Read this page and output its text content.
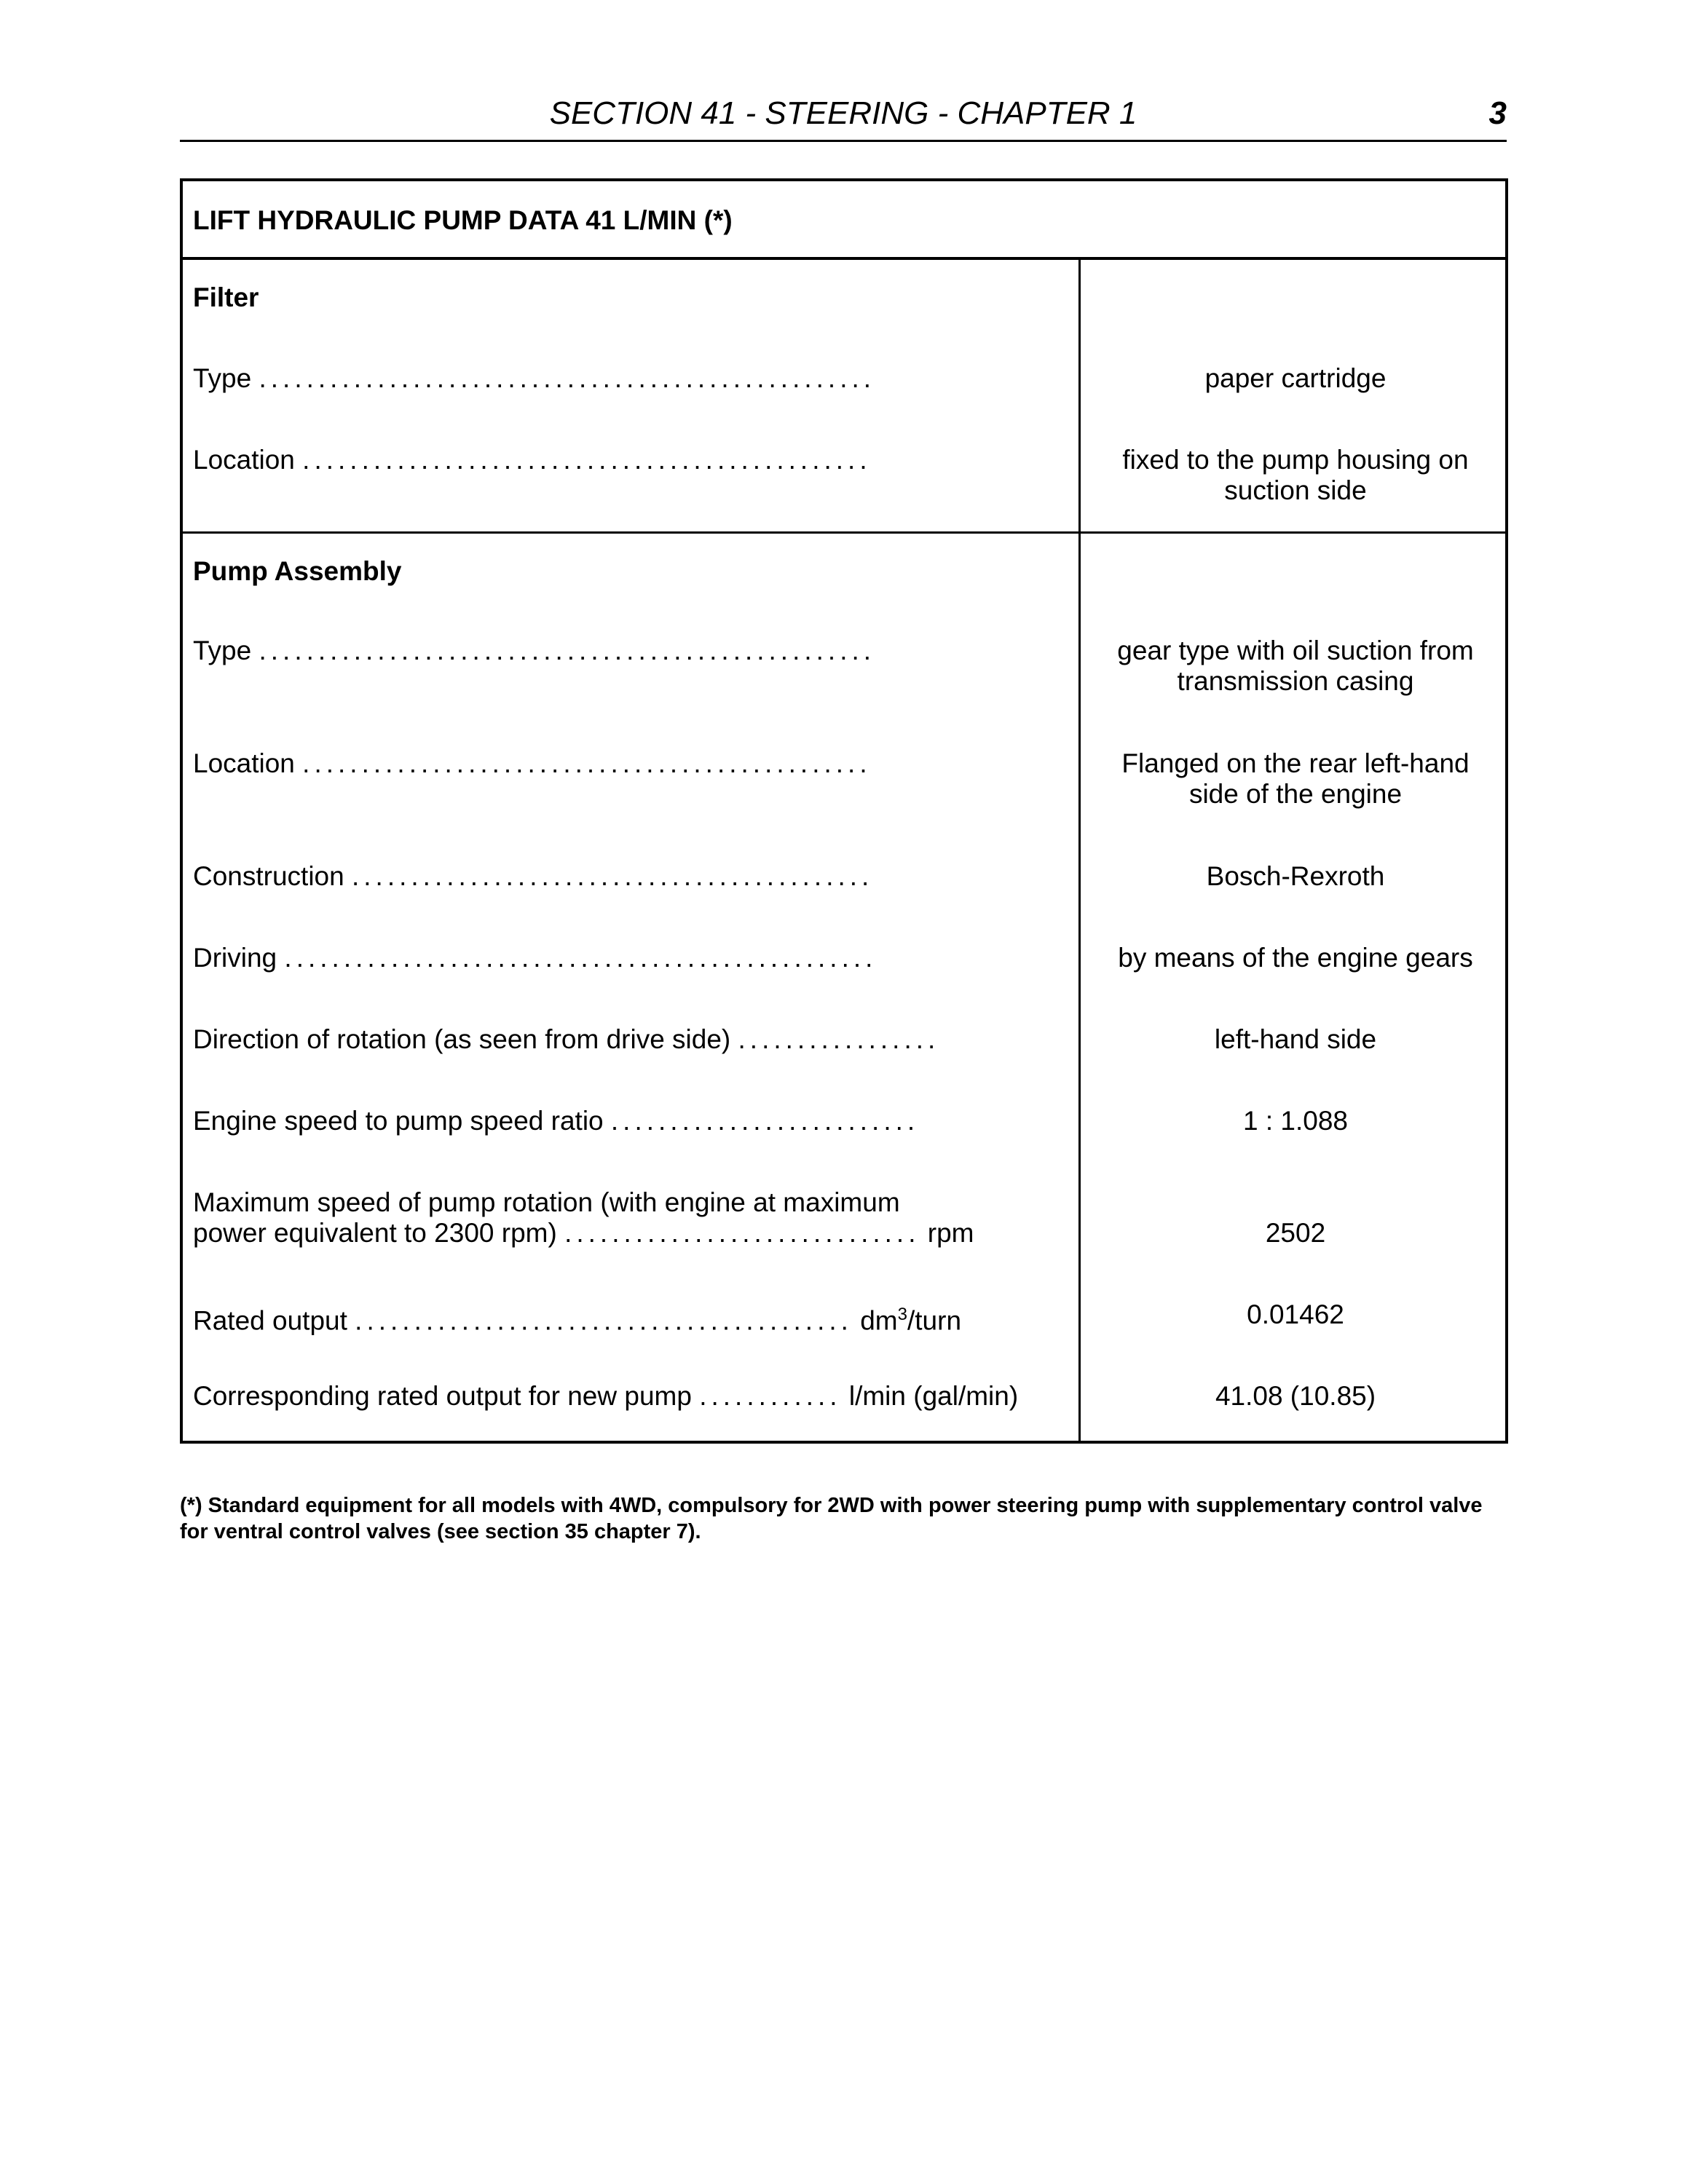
SECTION 41 - STEERING - CHAPTER 1	3
LIFT HYDRAULIC PUMP DATA 41 L/MIN (*)
Filter
Type ....................................................	paper cartridge
Location ................................................	fixed to the pump housing on
suction side
Pump Assembly
Type ....................................................	gear type with oil suction from
transmission casing
Location ................................................	Flanged on the rear left-hand
side of the engine
Construction ............................................	Bosch-Rexroth
Driving ..................................................	by means of the engine gears
Direction of rotation (as seen from drive side) .................	left-hand side
Engine speed to pump speed ratio ..........................	1 : 1.088
Maximum speed of pump rotation (with engine at maximum
power equivalent to 2300 rpm) .............................. rpm	2502
Rated output .......................................... $dm^3$/turn	0.01462
Corresponding rated output for new pump ............ l/min (gal/min)	41.08 (10.85)
(*) Standard equipment for all models with 4WD, compulsory for 2WD with power steering pump with supplementary control valve
for ventral control valves (see section 35 chapter 7).
